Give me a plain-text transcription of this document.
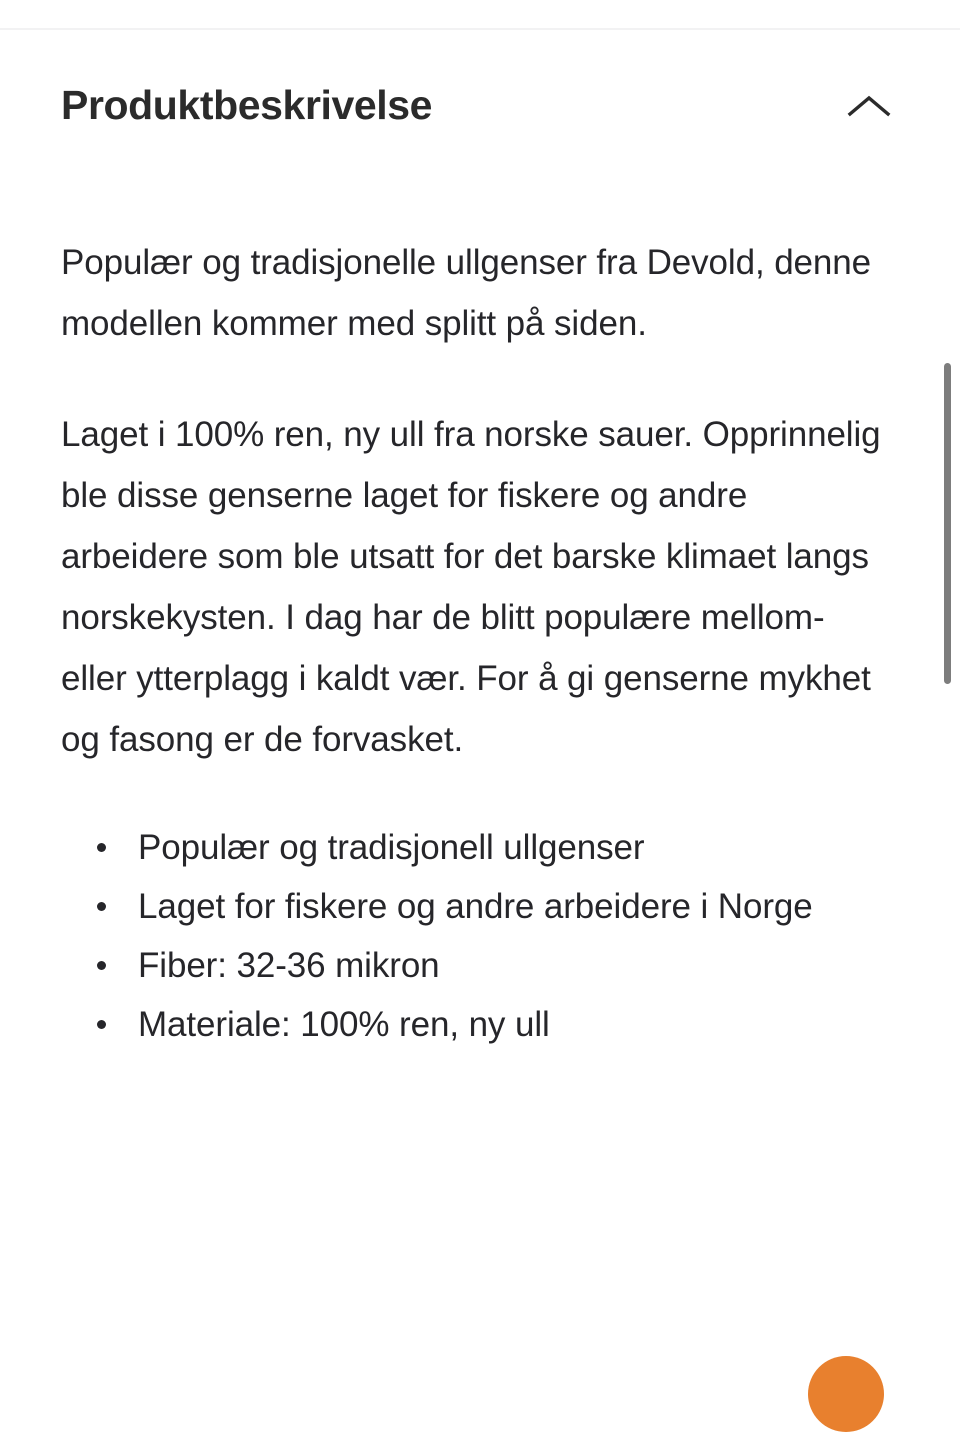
Produktbeskrivelse

Populær og tradisjonelle ullgenser fra Devold, denne modellen kommer med splitt på siden.

Laget i 100% ren, ny ull fra norske sauer. Opprinnelig ble disse genserne laget for fiskere og andre arbeidere som ble utsatt for det barske klimaet langs norskekysten. I dag har de blitt populære mellom- eller ytterplagg i kaldt vær. For å gi genserne mykhet og fasong er de forvasket.

Populær og tradisjonell ullgenser
Laget for fiskere og andre arbeidere i Norge
Fiber: 32-36 mikron
Materiale: 100% ren, ny ull
